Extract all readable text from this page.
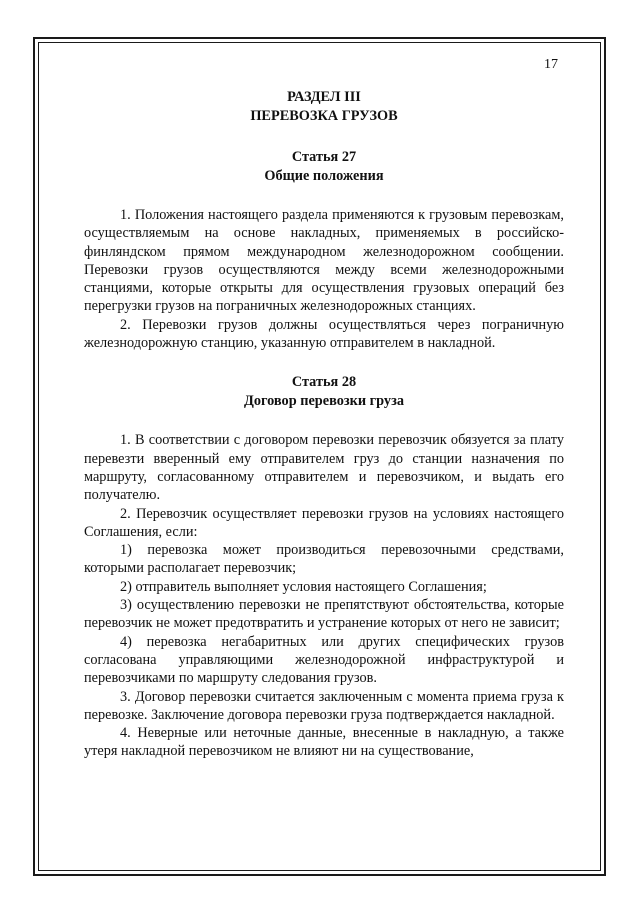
17
РАЗДЕЛ III
ПЕРЕВОЗКА ГРУЗОВ
Статья 27
Общие положения

1. Положения настоящего раздела применяются к грузовым перевозкам, осуществляемым на основе накладных, применяемых в российско-финляндском прямом международном железнодорожном сообщении. Перевозки грузов осуществляются между всеми железнодорожными станциями, которые открыты для осуществления грузовых операций без перегрузки грузов на пограничных железнодорожных станциях.

2. Перевозки грузов должны осуществляться через пограничную железнодорожную станцию, указанную отправителем в накладной.

Статья 28
Договор перевозки груза

1. В соответствии с договором перевозки перевозчик обязуется за плату перевезти вверенный ему отправителем груз до станции назначения по маршруту, согласованному отправителем и перевозчиком, и выдать его получателю.

2. Перевозчик осуществляет перевозки грузов на условиях настоящего Соглашения, если:

1) перевозка может производиться перевозочными средствами, которыми располагает перевозчик;

2) отправитель выполняет условия настоящего Соглашения;

3) осуществлению перевозки не препятствуют обстоятельства, которые перевозчик не может предотвратить и устранение которых от него не зависит;

4) перевозка негабаритных или других специфических грузов согласована управляющими железнодорожной инфраструктурой и перевозчиками по маршруту следования грузов.

3. Договор перевозки считается заключенным с момента приема груза к перевозке. Заключение договора перевозки груза подтверждается накладной.

4. Неверные или неточные данные, внесенные в накладную, а также утеря накладной перевозчиком не влияют ни на существование,
